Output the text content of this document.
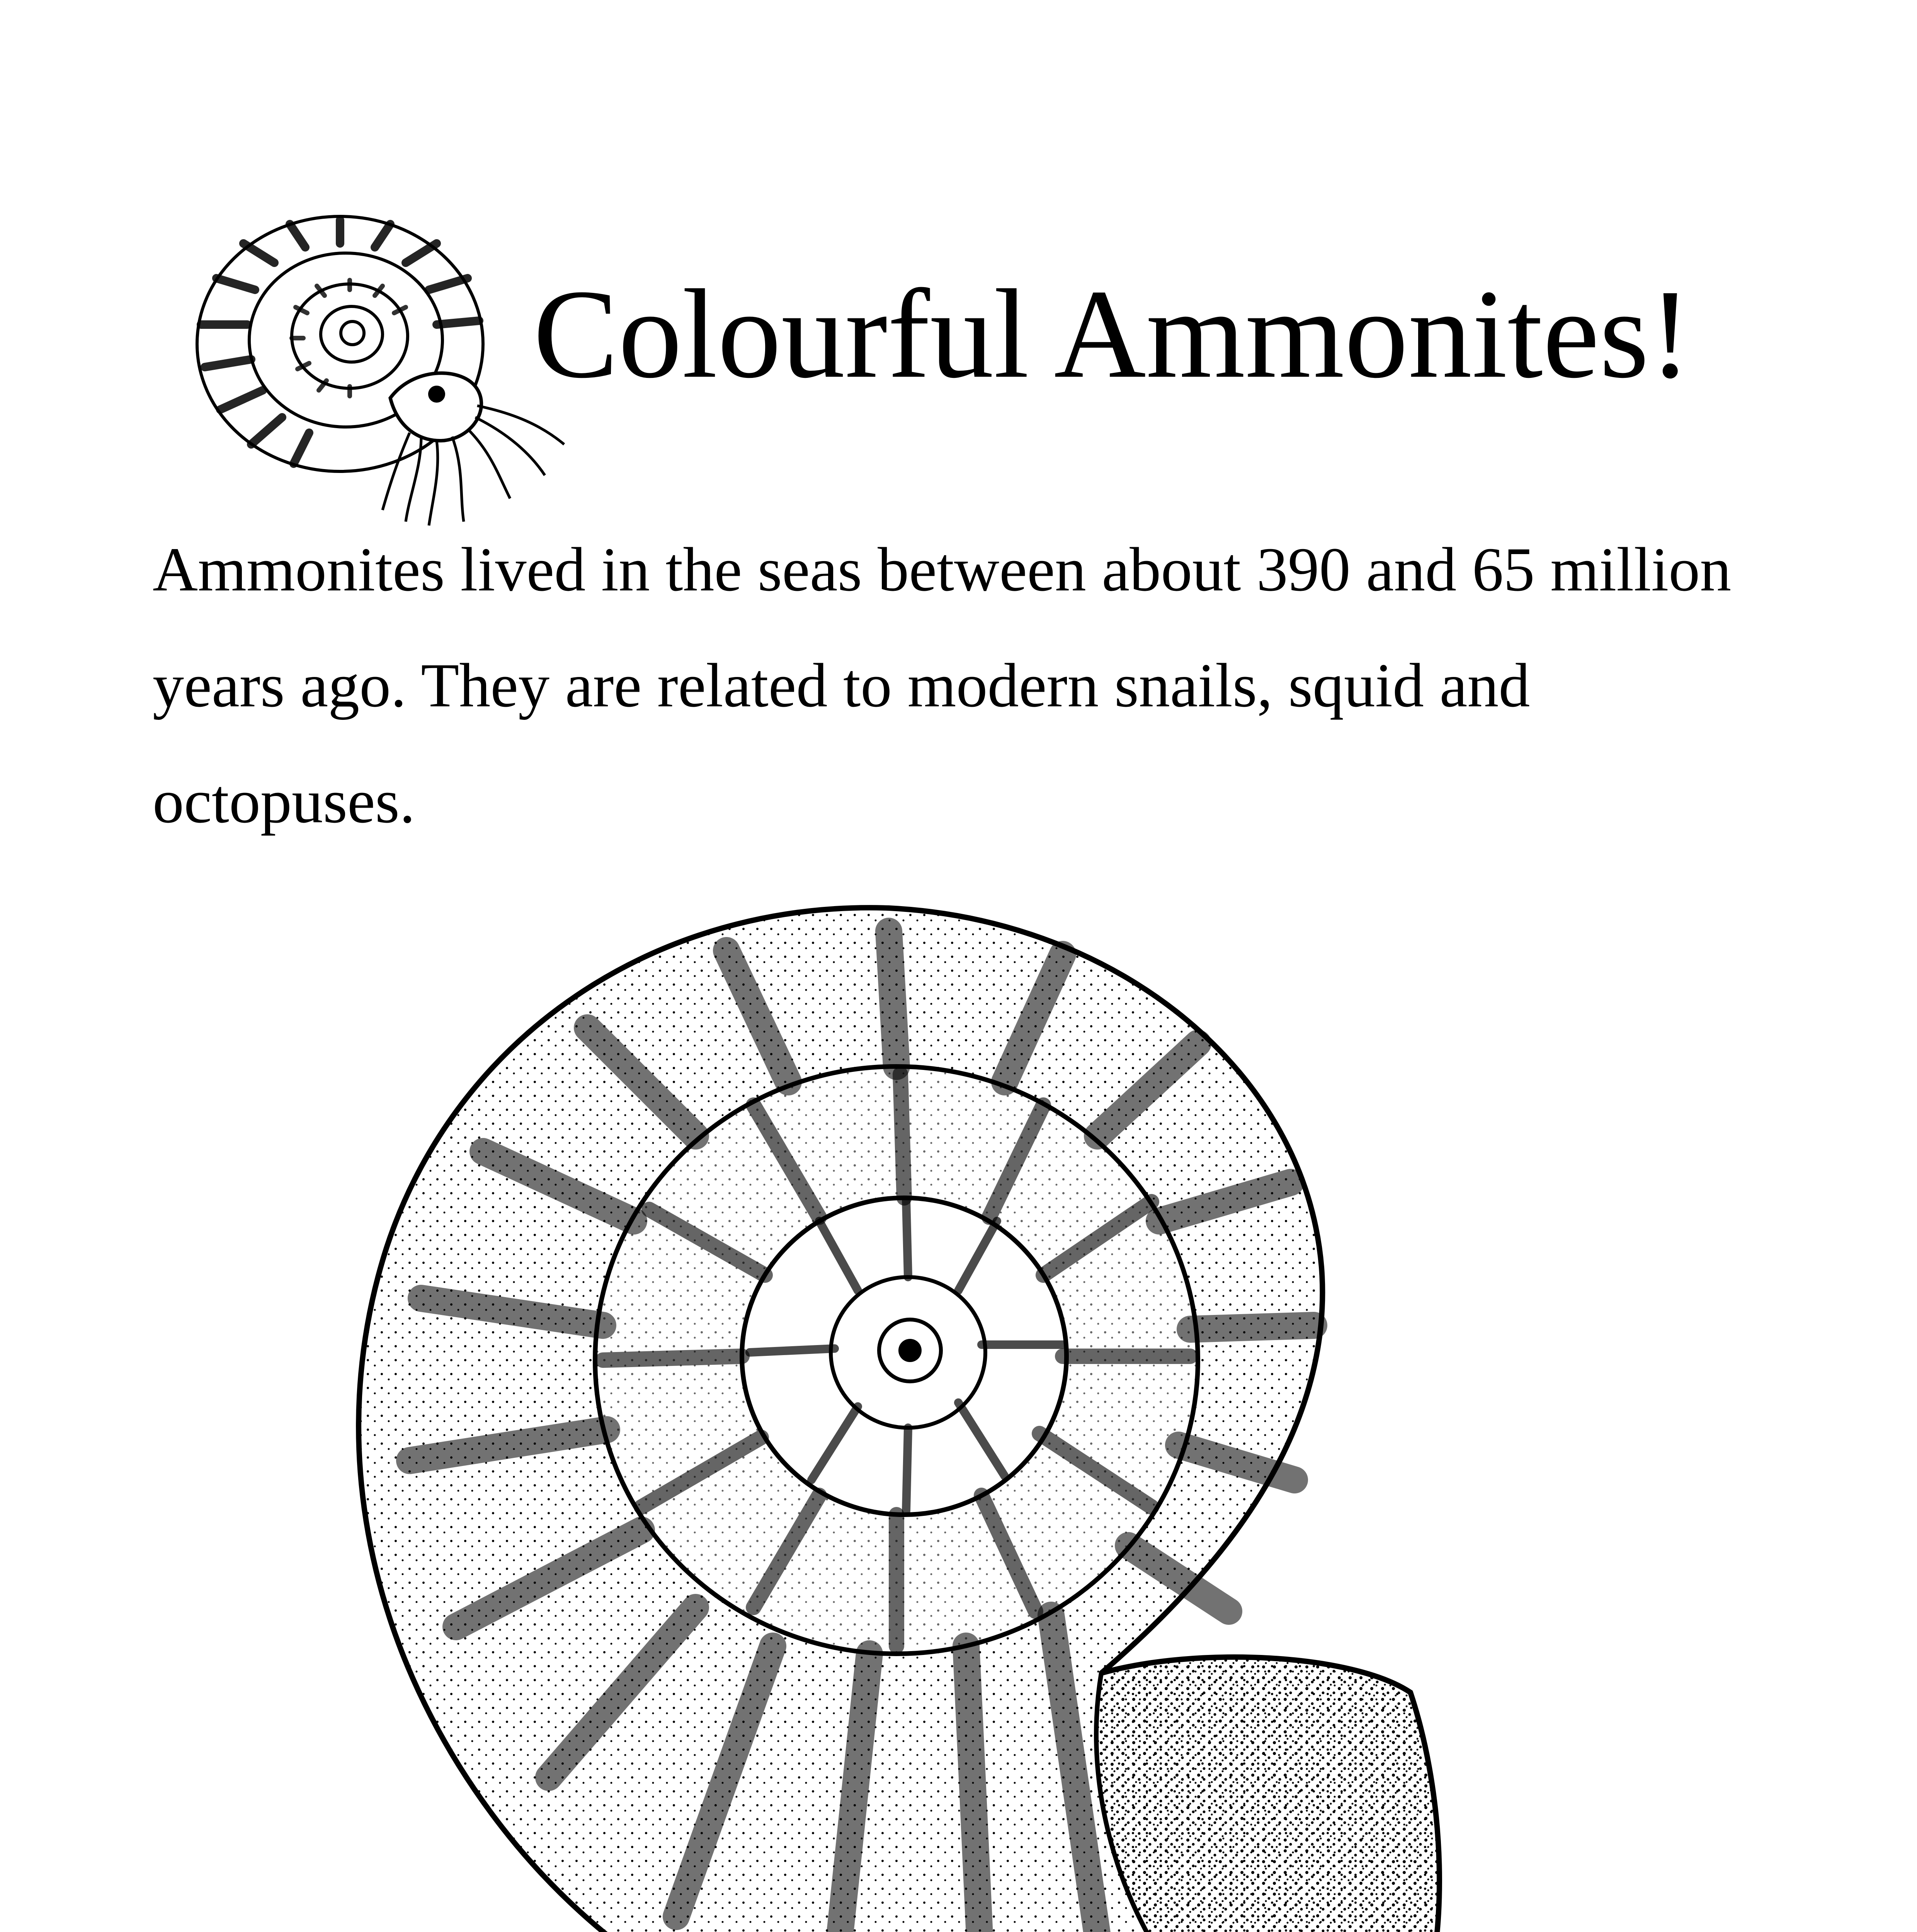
Colourful Ammonites!

Ammonites lived in the seas between about 390 and 65 million
years ago. They are related to modern snails, squid and
octopuses.
